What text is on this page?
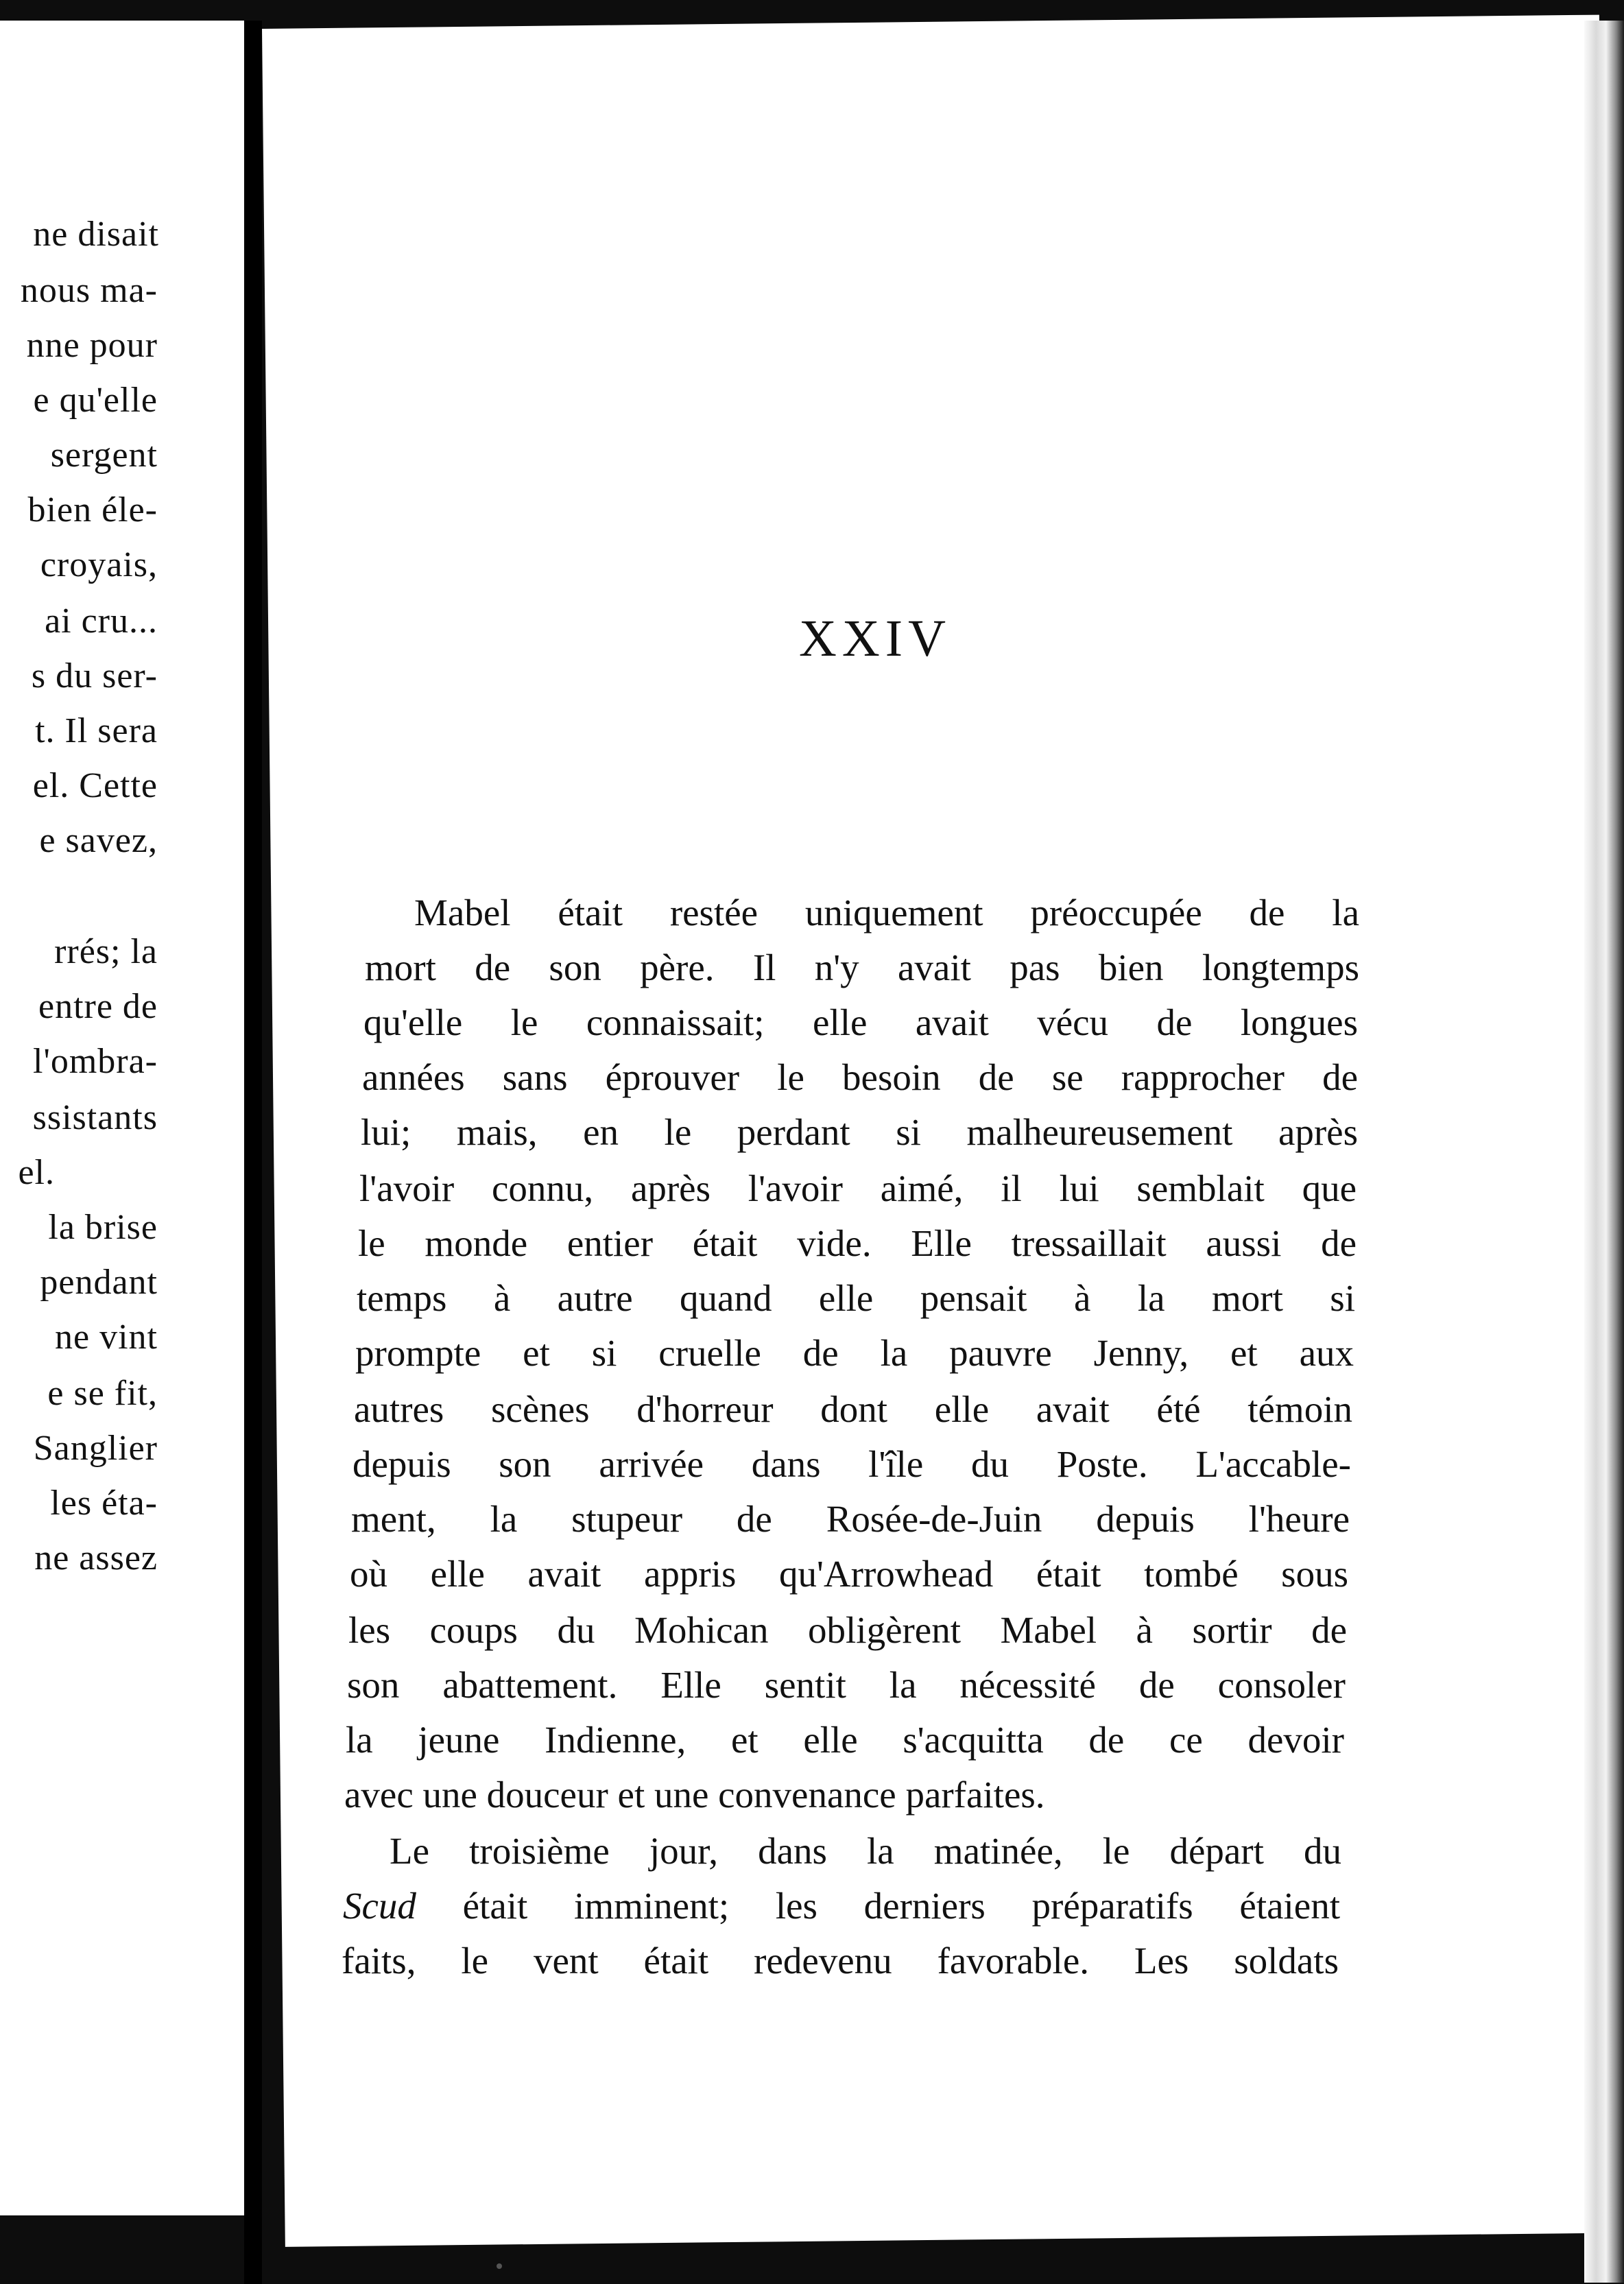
ne disait
nous ma-
nne pour
e qu'elle
sergent
bien éle-
croyais,
ai cru...
s du ser-
t. Il sera
el. Cette
e savez,
rrés; la
entre de
l'ombra-
ssistants
el.
la brise
pendant
ne vint
e se fit,
Sanglier
les éta-
ne assez
XXIV
Mabel était restée uniquement préoccupée de la
mort de son père. Il n'y avait pas bien longtemps
qu'elle le connaissait; elle avait vécu de longues
années sans éprouver le besoin de se rapprocher de
lui; mais, en le perdant si malheureusement après
l'avoir connu, après l'avoir aimé, il lui semblait que
le monde entier était vide. Elle tressaillait aussi de
temps à autre quand elle pensait à la mort si
prompte et si cruelle de la pauvre Jenny, et aux
autres scènes d'horreur dont elle avait été témoin
depuis son arrivée dans l'île du Poste. L'accable-
ment, la stupeur de Rosée-de-Juin depuis l'heure
où elle avait appris qu'Arrowhead était tombé sous
les coups du Mohican obligèrent Mabel à sortir de
son abattement. Elle sentit la nécessité de consoler
la jeune Indienne, et elle s'acquitta de ce devoir
avec une douceur et une convenance parfaites.
Le troisième jour, dans la matinée, le départ du
Scud était imminent; les derniers préparatifs étaient
faits, le vent était redevenu favorable. Les soldats
